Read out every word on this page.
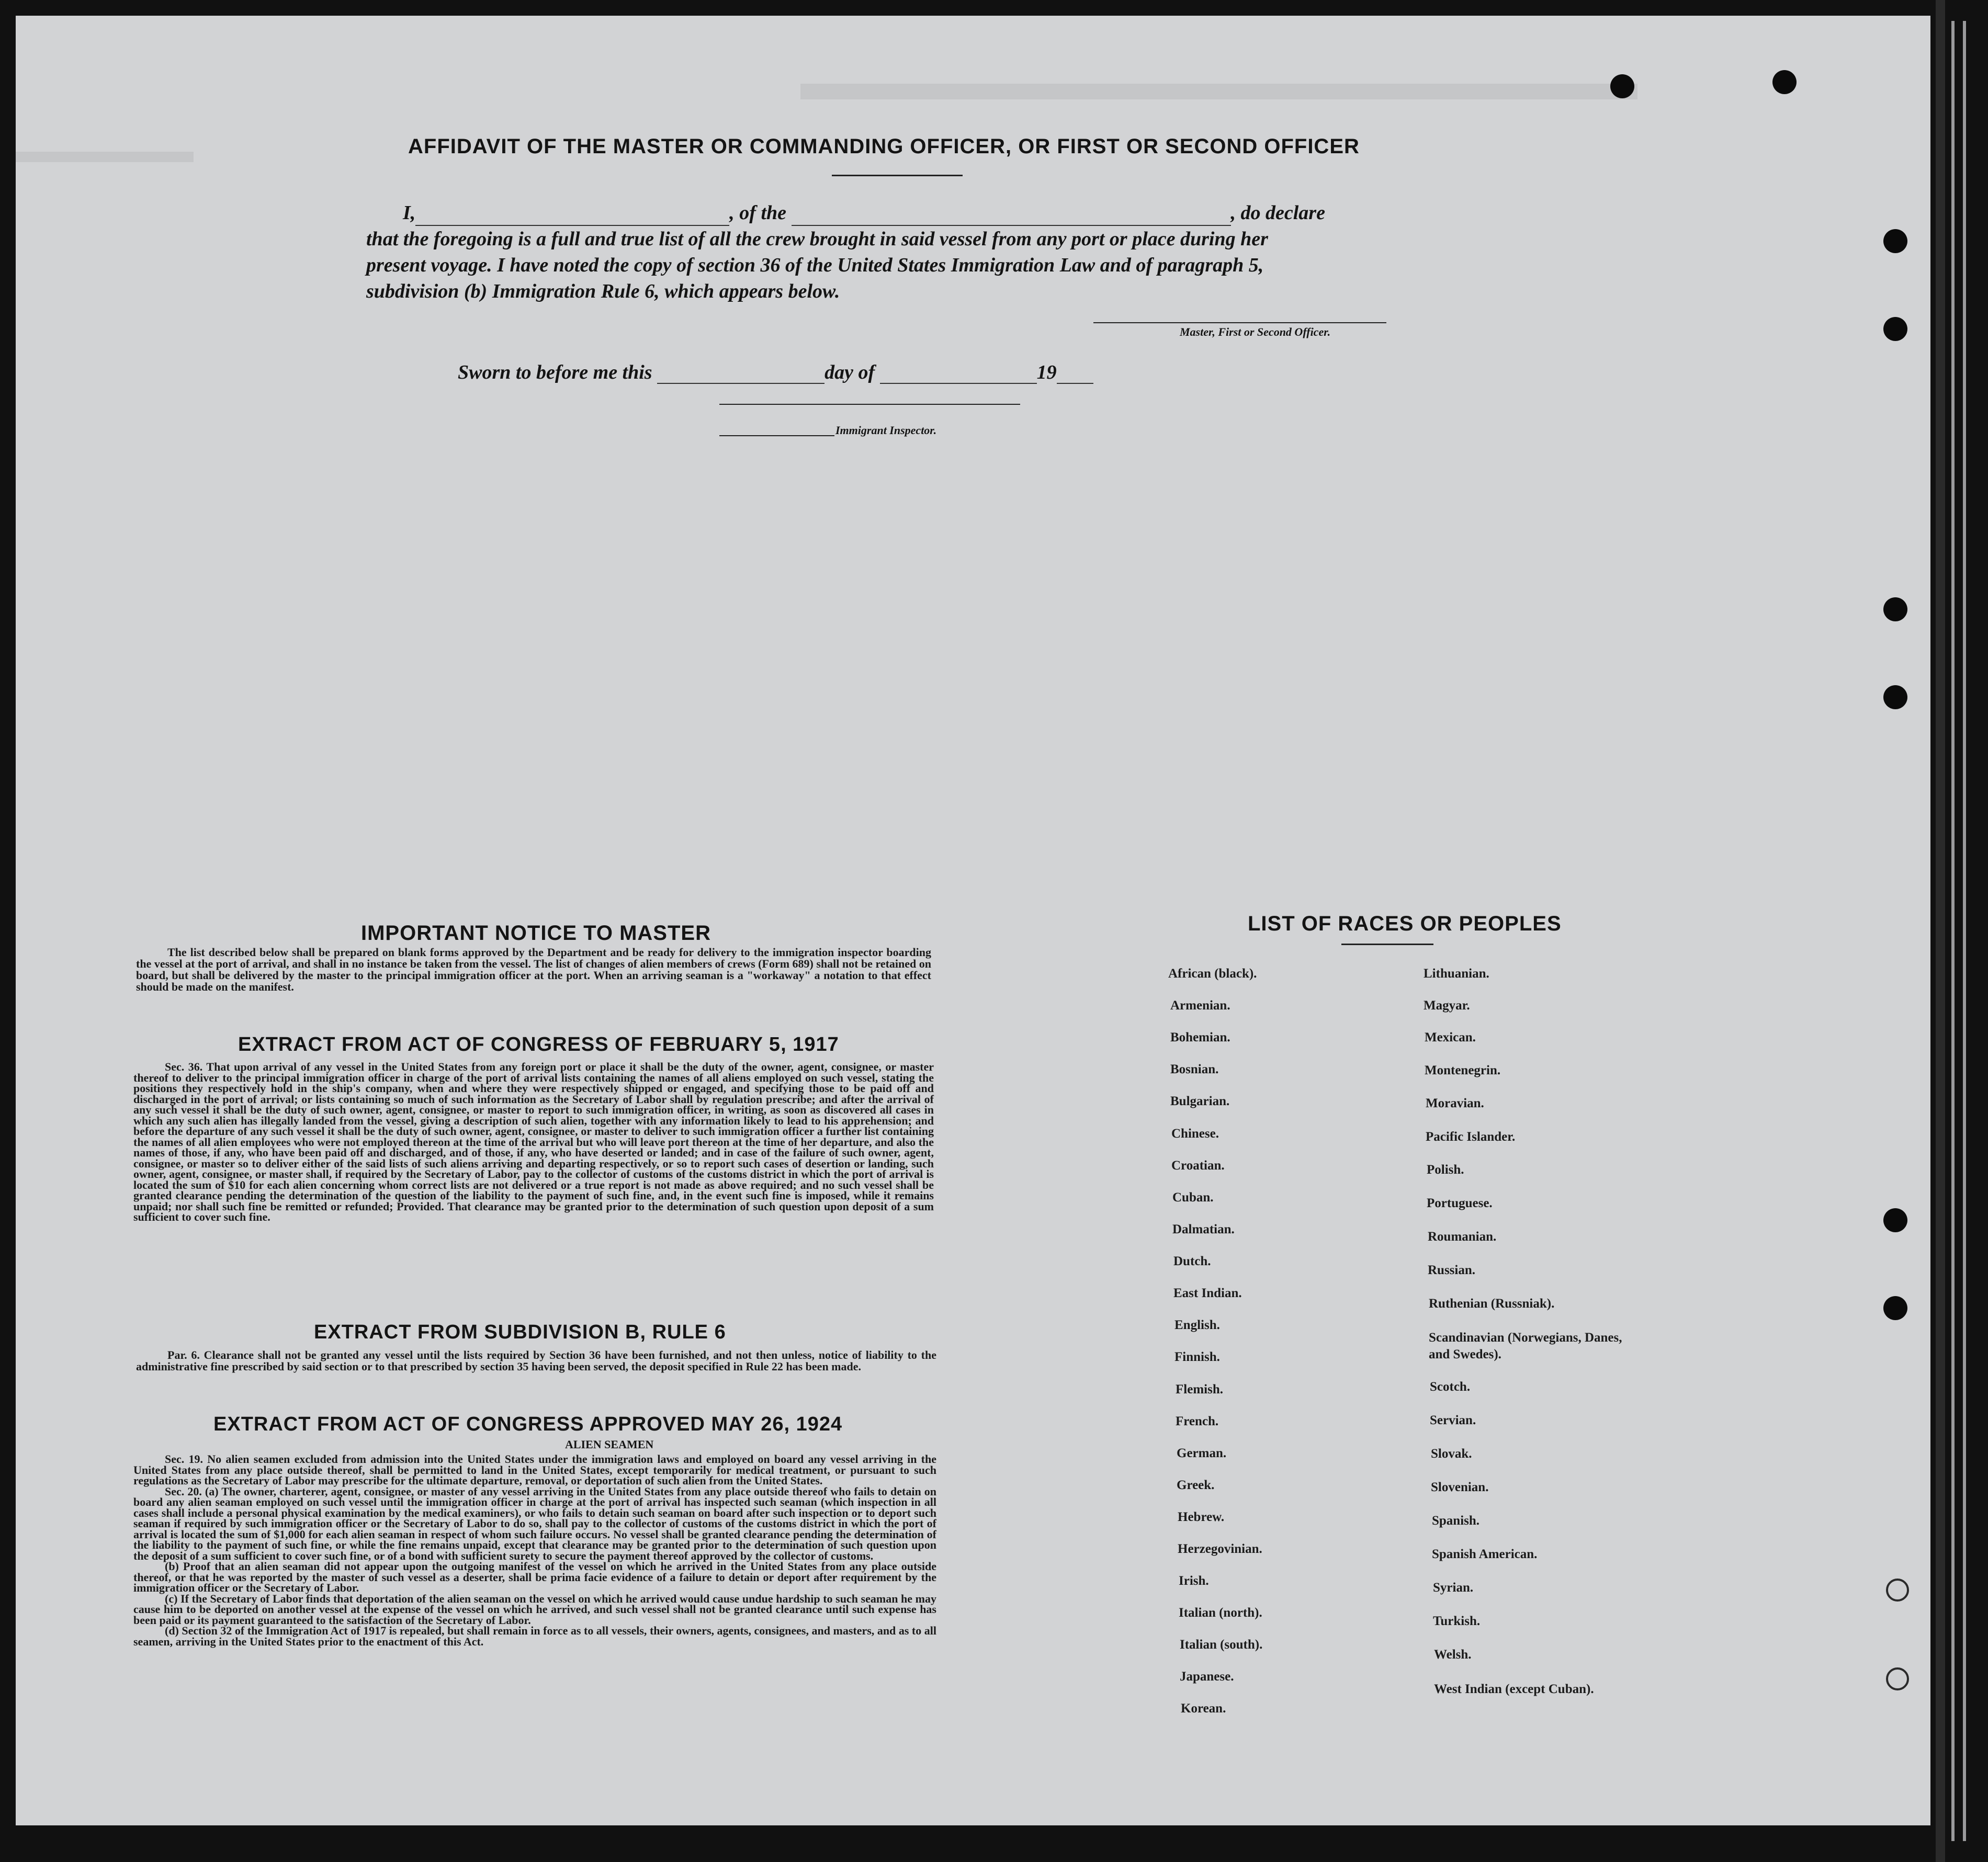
AFFIDAVIT OF THE MASTER OR COMMANDING OFFICER, OR FIRST OR SECOND OFFICER
I,	, of the	, do declare
that the foregoing is a full and true list of all the crew brought in said vessel from any port or place during her
present voyage. I have noted the copy of section 36 of the United States Immigration Law and of paragraph 5,
subdivision (b) Immigration Rule 6, which appears below.
Master, First or Second Officer.
Sworn to before me this	day of	19
Immigrant Inspector.
IMPORTANT NOTICE TO MASTER
The list described below shall be prepared on blank forms approved by the Department and be ready for delivery to the immigration inspector boarding the vessel at the port of arrival, and shall in no instance be taken from the vessel. The list of changes of alien members of crews (Form 689) shall not be retained on board, but shall be delivered by the master to the principal immigration officer at the port. When an arriving seaman is a "workaway" a notation to that effect should be made on the manifest.
EXTRACT FROM ACT OF CONGRESS OF FEBRUARY 5, 1917
Sec. 36. That upon arrival of any vessel in the United States from any foreign port or place it shall be the duty of the owner, agent, consignee, or master thereof to deliver to the principal immigration officer in charge of the port of arrival lists containing the names of all aliens employed on such vessel, stating the positions they respectively hold in the ship's company, when and where they were respectively shipped or engaged, and specifying those to be paid off and discharged in the port of arrival; or lists containing so much of such information as the Secretary of Labor shall by regulation prescribe; and after the arrival of any such vessel it shall be the duty of such owner, agent, consignee, or master to report to such immigration officer, in writing, as soon as discovered all cases in which any such alien has illegally landed from the vessel, giving a description of such alien, together with any information likely to lead to his apprehension; and before the departure of any such vessel it shall be the duty of such owner, agent, consignee, or master to deliver to such immigration officer a further list containing the names of all alien employees who were not employed thereon at the time of the arrival but who will leave port thereon at the time of her departure, and also the names of those, if any, who have been paid off and discharged, and of those, if any, who have deserted or landed; and in case of the failure of such owner, agent, consignee, or master so to deliver either of the said lists of such aliens arriving and departing respectively, or so to report such cases of desertion or landing, such owner, agent, consignee, or master shall, if required by the Secretary of Labor, pay to the collector of customs of the customs district in which the port of arrival is located the sum of $10 for each alien concerning whom correct lists are not delivered or a true report is not made as above required; and no such vessel shall be granted clearance pending the determination of the question of the liability to the payment of such fine, and, in the event such fine is imposed, while it remains unpaid; nor shall such fine be remitted or refunded; Provided. That clearance may be granted prior to the determination of such question upon deposit of a sum sufficient to cover such fine.
EXTRACT FROM SUBDIVISION B, RULE 6
Par. 6. Clearance shall not be granted any vessel until the lists required by Section 36 have been furnished, and not then unless, notice of liability to the administrative fine prescribed by said section or to that prescribed by section 35 having been served, the deposit specified in Rule 22 has been made.
EXTRACT FROM ACT OF CONGRESS APPROVED MAY 26, 1924
ALIEN SEAMEN
Sec. 19. No alien seamen excluded from admission into the United States under the immigration laws and employed on board any vessel arriving in the United States from any place outside thereof, shall be permitted to land in the United States, except temporarily for medical treatment, or pursuant to such regulations as the Secretary of Labor may prescribe for the ultimate departure, removal, or deportation of such alien from the United States.
Sec. 20. (a) The owner, charterer, agent, consignee, or master of any vessel arriving in the United States from any place outside thereof who fails to detain on board any alien seaman employed on such vessel until the immigration officer in charge at the port of arrival has inspected such seaman (which inspection in all cases shall include a personal physical examination by the medical examiners), or who fails to detain such seaman on board after such inspection or to deport such seaman if required by such immigration officer or the Secretary of Labor to do so, shall pay to the collector of customs of the customs district in which the port of arrival is located the sum of $1,000 for each alien seaman in respect of whom such failure occurs. No vessel shall be granted clearance pending the determination of the liability to the payment of such fine, or while the fine remains unpaid, except that clearance may be granted prior to the determination of such question upon the deposit of a sum sufficient to cover such fine, or of a bond with sufficient surety to secure the payment thereof approved by the collector of customs.
(b) Proof that an alien seaman did not appear upon the outgoing manifest of the vessel on which he arrived in the United States from any place outside thereof, or that he was reported by the master of such vessel as a deserter, shall be prima facie evidence of a failure to detain or deport after requirement by the immigration officer or the Secretary of Labor.
(c) If the Secretary of Labor finds that deportation of the alien seaman on the vessel on which he arrived would cause undue hardship to such seaman he may cause him to be deported on another vessel at the expense of the vessel on which he arrived, and such vessel shall not be granted clearance until such expense has been paid or its payment guaranteed to the satisfaction of the Secretary of Labor.
(d) Section 32 of the Immigration Act of 1917 is repealed, but shall remain in force as to all vessels, their owners, agents, consignees, and masters, and as to all seamen, arriving in the United States prior to the enactment of this Act.
LIST OF RACES OR PEOPLES
African (black).
Armenian.
Bohemian.
Bosnian.
Bulgarian.
Chinese.
Croatian.
Cuban.
Dalmatian.
Dutch.
East Indian.
English.
Finnish.
Flemish.
French.
German.
Greek.
Hebrew.
Herzegovinian.
Irish.
Italian (north).
Italian (south).
Japanese.
Korean.
Lithuanian.
Magyar.
Mexican.
Montenegrin.
Moravian.
Pacific Islander.
Polish.
Portuguese.
Roumanian.
Russian.
Ruthenian (Russniak).
Scandinavian (Norwegians, Danes, and Swedes).
Scotch.
Servian.
Slovak.
Slovenian.
Spanish.
Spanish American.
Syrian.
Turkish.
Welsh.
West Indian (except Cuban).
